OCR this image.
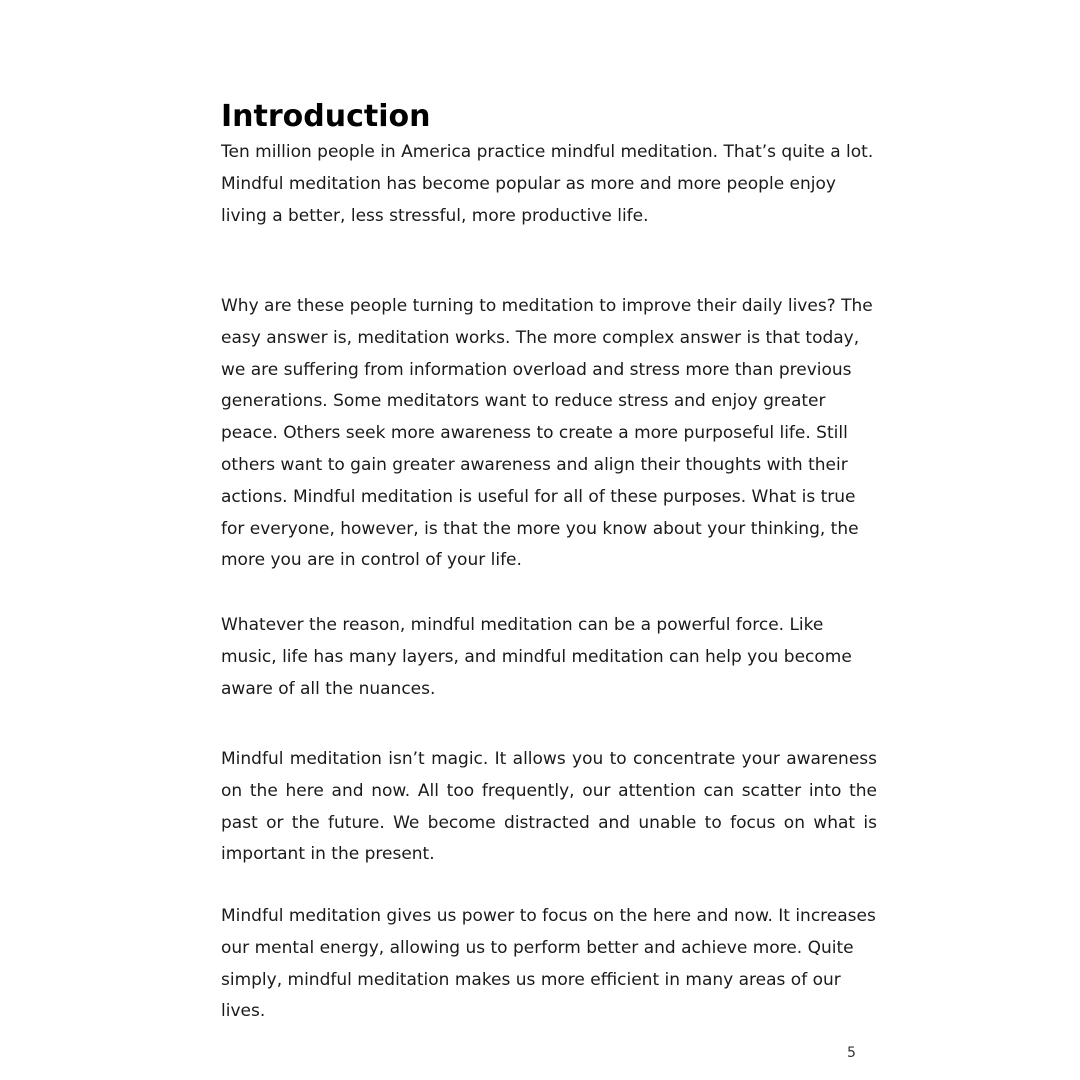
Introduction

Ten million people in America practice mindful meditation. That’s quite a lot. Mindful meditation has become popular as more and more people enjoy living a better, less stressful, more productive life.

Why are these people turning to meditation to improve their daily lives? The easy answer is, meditation works. The more complex answer is that today, we are suffering from information overload and stress more than previous generations. Some meditators want to reduce stress and enjoy greater peace. Others seek more awareness to create a more purposeful life. Still others want to gain greater awareness and align their thoughts with their actions. Mindful meditation is useful for all of these purposes. What is true for everyone, however, is that the more you know about your thinking, the more you are in control of your life.

Whatever the reason, mindful meditation can be a powerful force. Like music, life has many layers, and mindful meditation can help you become aware of all the nuances.

Mindful meditation isn’t magic. It allows you to concentrate your awareness on the here and now. All too frequently, our attention can scatter into the past or the future. We become distracted and unable to focus on what is important in the present.

Mindful meditation gives us power to focus on the here and now. It increases our mental energy, allowing us to perform better and achieve more. Quite simply, mindful meditation makes us more efficient in many areas of our lives.

5
